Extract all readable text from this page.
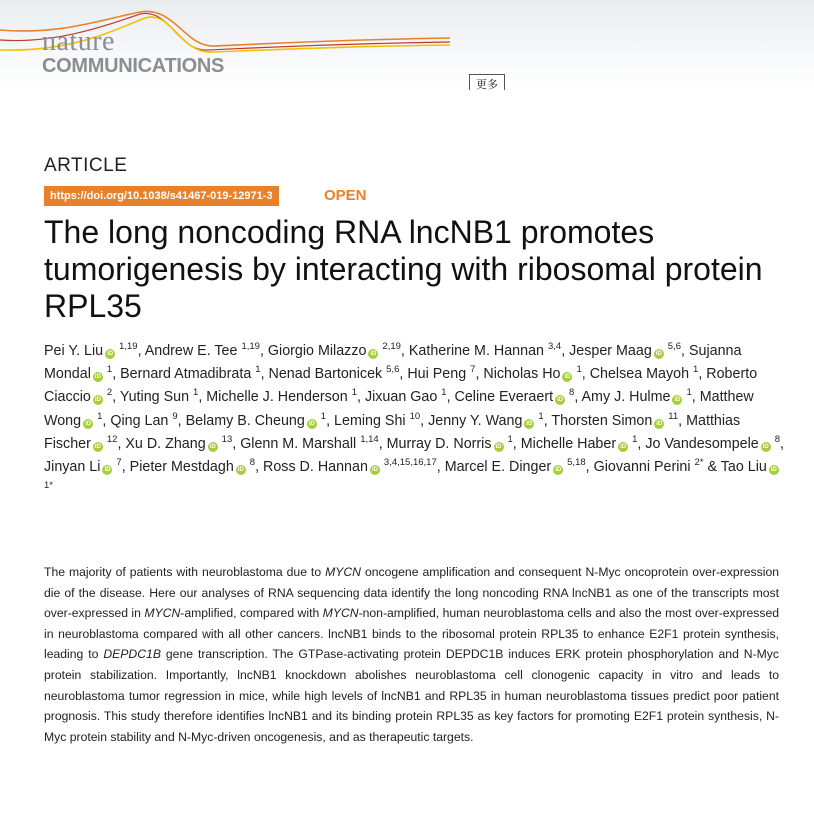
nature
COMMUNICATIONS
更多
ARTICLE
https://doi.org/10.1038/s41467-019-12971-3	OPEN
The long noncoding RNA lncNB1 promotes tumorigenesis by interacting with ribosomal protein RPL35

Pei Y. Liu iD $^{1,19}$, Andrew E. Tee $^{1,19}$, Giorgio Milazzo iD $^{2,19}$, Katherine M. Hannan $^{3,4}$, Jesper Maag iD $^{5,6}$, Sujanna Mondal iD $^1$, Bernard Atmadibrata $^1$, Nenad Bartonicek $^{5,6}$, Hui Peng $^7$, Nicholas Ho iD $^1$, Chelsea Mayoh $^1$, Roberto Ciaccio iD $^2$, Yuting Sun $^1$, Michelle J. Henderson $^1$, Jixuan Gao $^1$, Celine Everaert iD $^8$, Amy J. Hulme iD $^1$, Matthew Wong iD $^1$, Qing Lan $^9$, Belamy B. Cheung iD $^1$, Leming Shi $^{10}$, Jenny Y. Wang iD $^1$, Thorsten Simon iD $^{11}$, Matthias Fischer iD $^{12}$, Xu D. Zhang iD $^{13}$, Glenn M. Marshall $^{1,14}$, Murray D. Norris iD $^1$, Michelle Haber iD $^1$, Jo Vandesompele iD $^8$, Jinyan Li iD $^7$, Pieter Mestdagh iD $^8$, Ross D. Hannan iD $^{3,4,15,16,17}$, Marcel E. Dinger iD $^{5,18}$, Giovanni Perini $^{2*}$ & Tao Liu iD $^{1*}$

The majority of patients with neuroblastoma due to MYCN oncogene amplification and consequent N-Myc oncoprotein over-expression die of the disease. Here our analyses of RNA sequencing data identify the long noncoding RNA lncNB1 as one of the transcripts most over-expressed in MYCN-amplified, compared with MYCN-non-amplified, human neuroblastoma cells and also the most over-expressed in neuroblastoma compared with all other cancers. lncNB1 binds to the ribosomal protein RPL35 to enhance E2F1 protein synthesis, leading to DEPDC1B gene transcription. The GTPase-activating protein DEPDC1B induces ERK protein phosphorylation and N-Myc protein stabilization. Importantly, lncNB1 knockdown abolishes neuroblastoma cell clonogenic capacity in vitro and leads to neuroblastoma tumor regression in mice, while high levels of lncNB1 and RPL35 in human neuroblastoma tissues predict poor patient prognosis. This study therefore identifies lncNB1 and its binding protein RPL35 as key factors for promoting E2F1 protein synthesis, N-Myc protein stability and N-Myc-driven oncogenesis, and as therapeutic targets.
